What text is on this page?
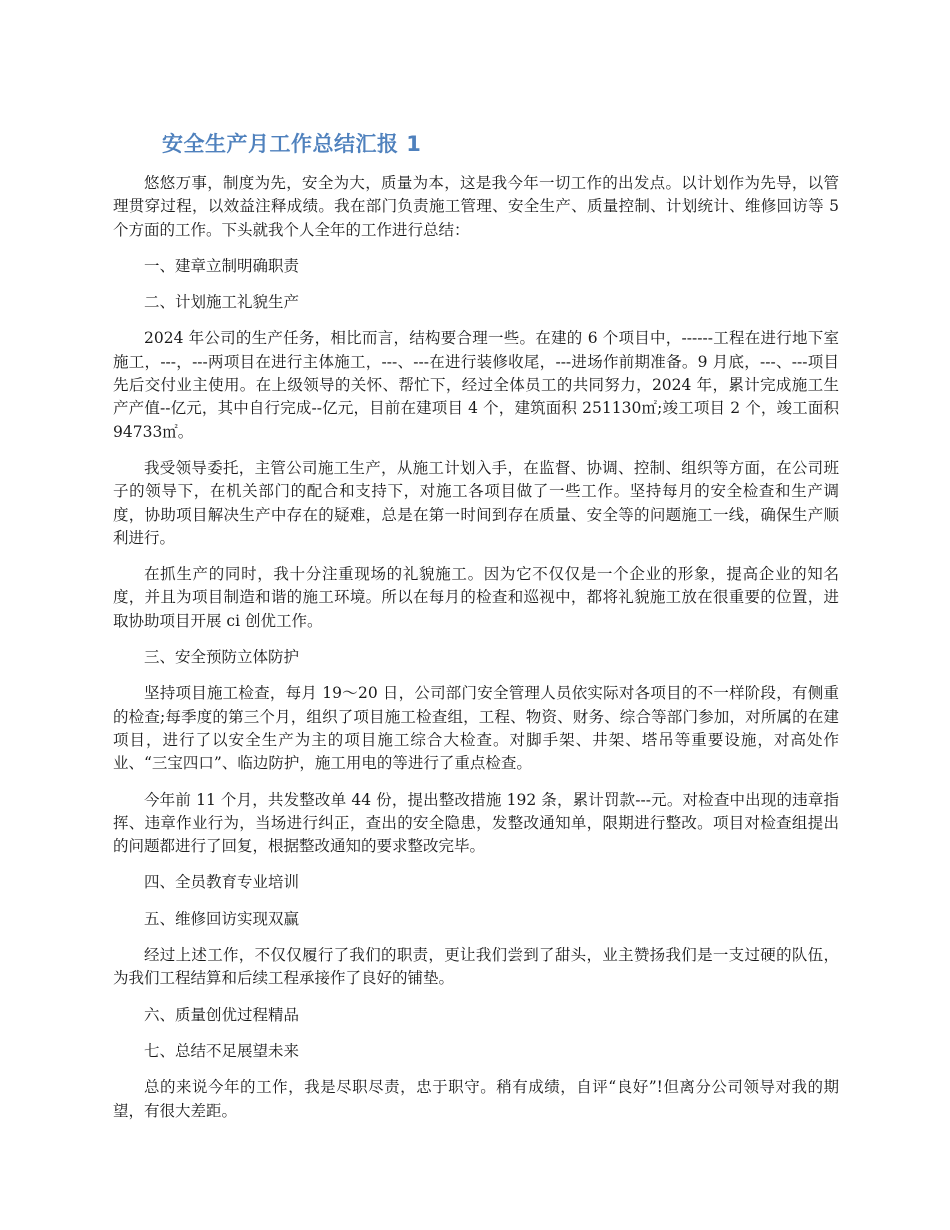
安全生产月工作总结汇报 1

悠悠万事，制度为先，安全为大，质量为本，这是我今年一切工作的出发点。以计划作为先导，以管理贯穿过程，以效益注释成绩。我在部门负责施工管理、安全生产、质量控制、计划统计、维修回访等 5 个方面的工作。下头就我个人全年的工作进行总结：

一、建章立制明确职责

二、计划施工礼貌生产

2024 年公司的生产任务，相比而言，结构要合理一些。在建的 6 个项目中，------工程在进行地下室施工，---，---两项目在进行主体施工，---、---在进行装修收尾，---进场作前期准备。9 月底，---、---项目先后交付业主使用。在上级领导的关怀、帮忙下，经过全体员工的共同努力，2024 年，累计完成施工生产产值--亿元，其中自行完成--亿元，目前在建项目 4 个，建筑面积 251130㎡;竣工项目 2 个，竣工面积 94733㎡。

我受领导委托，主管公司施工生产，从施工计划入手，在监督、协调、控制、组织等方面，在公司班子的领导下，在机关部门的配合和支持下，对施工各项目做了一些工作。坚持每月的安全检查和生产调度，协助项目解决生产中存在的疑难，总是在第一时间到存在质量、安全等的问题施工一线，确保生产顺利进行。

在抓生产的同时，我十分注重现场的礼貌施工。因为它不仅仅是一个企业的形象，提高企业的知名度，并且为项目制造和谐的施工环境。所以在每月的检查和巡视中，都将礼貌施工放在很重要的位置，进取协助项目开展 ci 创优工作。

三、安全预防立体防护

坚持项目施工检查，每月 19～20 日，公司部门安全管理人员依实际对各项目的不一样阶段，有侧重的检查;每季度的第三个月，组织了项目施工检查组，工程、物资、财务、综合等部门参加，对所属的在建项目，进行了以安全生产为主的项目施工综合大检查。对脚手架、井架、塔吊等重要设施，对高处作业、“三宝四口”、临边防护，施工用电的等进行了重点检查。

今年前 11 个月，共发整改单 44 份，提出整改措施 192 条，累计罚款---元。对检查中出现的违章指挥、违章作业行为，当场进行纠正，查出的安全隐患，发整改通知单，限期进行整改。项目对检查组提出的问题都进行了回复，根据整改通知的要求整改完毕。

四、全员教育专业培训

五、维修回访实现双赢

经过上述工作，不仅仅履行了我们的职责，更让我们尝到了甜头，业主赞扬我们是一支过硬的队伍，为我们工程结算和后续工程承接作了良好的铺垫。

六、质量创优过程精品

七、总结不足展望未来

总的来说今年的工作，我是尽职尽责，忠于职守。稍有成绩，自评“良好”!但离分公司领导对我的期望，有很大差距。
